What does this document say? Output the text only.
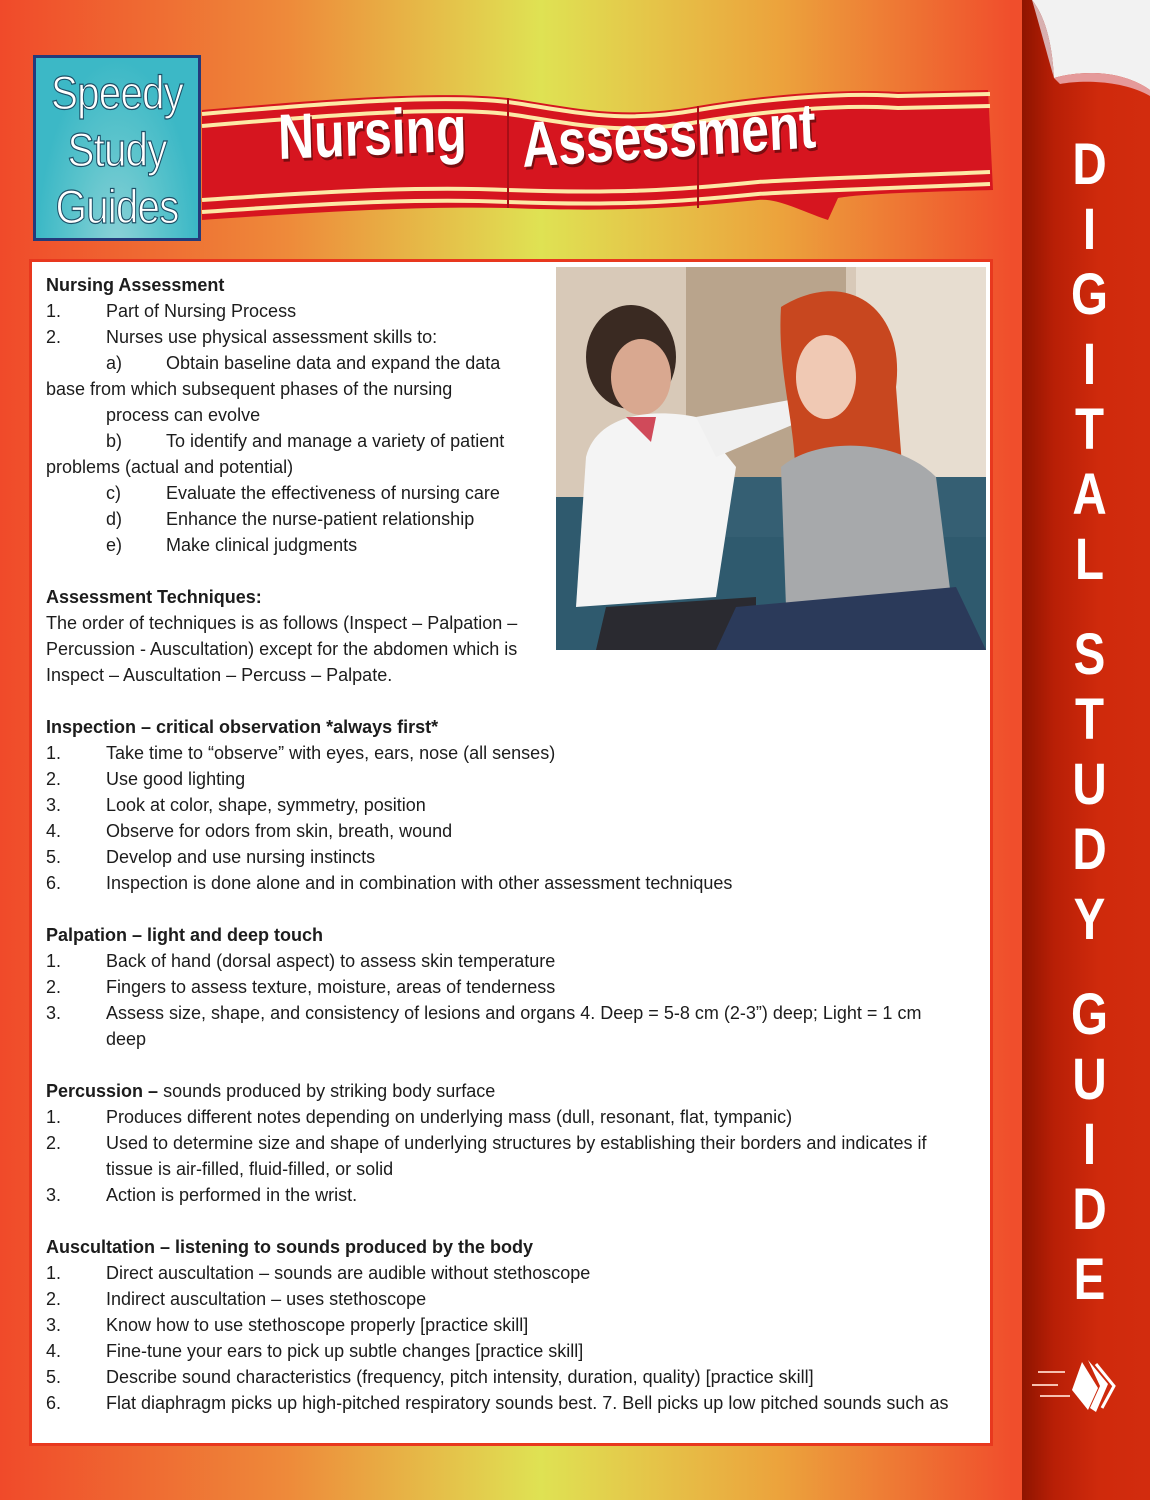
Speedy
Study
Guides
Nursing Assessment	D
I
G
I
T
A
L
S
T
U
D
Y
G
U
I
D
E
Nursing Assessment
1. Part of Nursing Process
2. Nurses use physical assessment skills to:
a) Obtain baseline data and expand the data
base from which subsequent phases of the nursing
process can evolve
b) To identify and manage a variety of patient
problems (actual and potential)
c)	Evaluate the effectiveness of nursing care
d) Enhance the nurse-patient relationship
e) Make clinical judgments
Assessment Techniques:
The order of techniques is as follows (Inspect – Palpation –
Percussion - Auscultation) except for the abdomen which is
Inspect – Auscultation – Percuss – Palpate.
Inspection – critical observation *always first*
1. Take time to “observe” with eyes, ears, nose (all senses)
2. Use good lighting
3. Look at color, shape, symmetry, position
4. Observe for odors from skin, breath, wound
5. Develop and use nursing instincts
6. Inspection is done alone and in combination with other assessment techniques
Palpation – light and deep touch
1. Back of hand (dorsal aspect) to assess skin temperature
2. Fingers to assess texture, moisture, areas of tenderness
3. Assess size, shape, and consistency of lesions and organs 4. Deep = 5-8 cm (2-3”) deep; Light = 1 cm
deep
Percussion – sounds produced by striking body surface
1. Produces different notes depending on underlying mass (dull, resonant, flat, tympanic)
2. Used to determine size and shape of underlying structures by establishing their borders and indicates if
tissue is air-filled, fluid-filled, or solid
3. Action is performed in the wrist.
Auscultation – listening to sounds produced by the body
1. Direct auscultation – sounds are audible without stethoscope
2. Indirect auscultation – uses stethoscope
3. Know how to use stethoscope properly [practice skill]
4. Fine-tune your ears to pick up subtle changes [practice skill]
5. Describe sound characteristics (frequency, pitch intensity, duration, quality) [practice skill]
6. Flat diaphragm picks up high-pitched respiratory sounds best. 7. Bell picks up low pitched sounds such as
